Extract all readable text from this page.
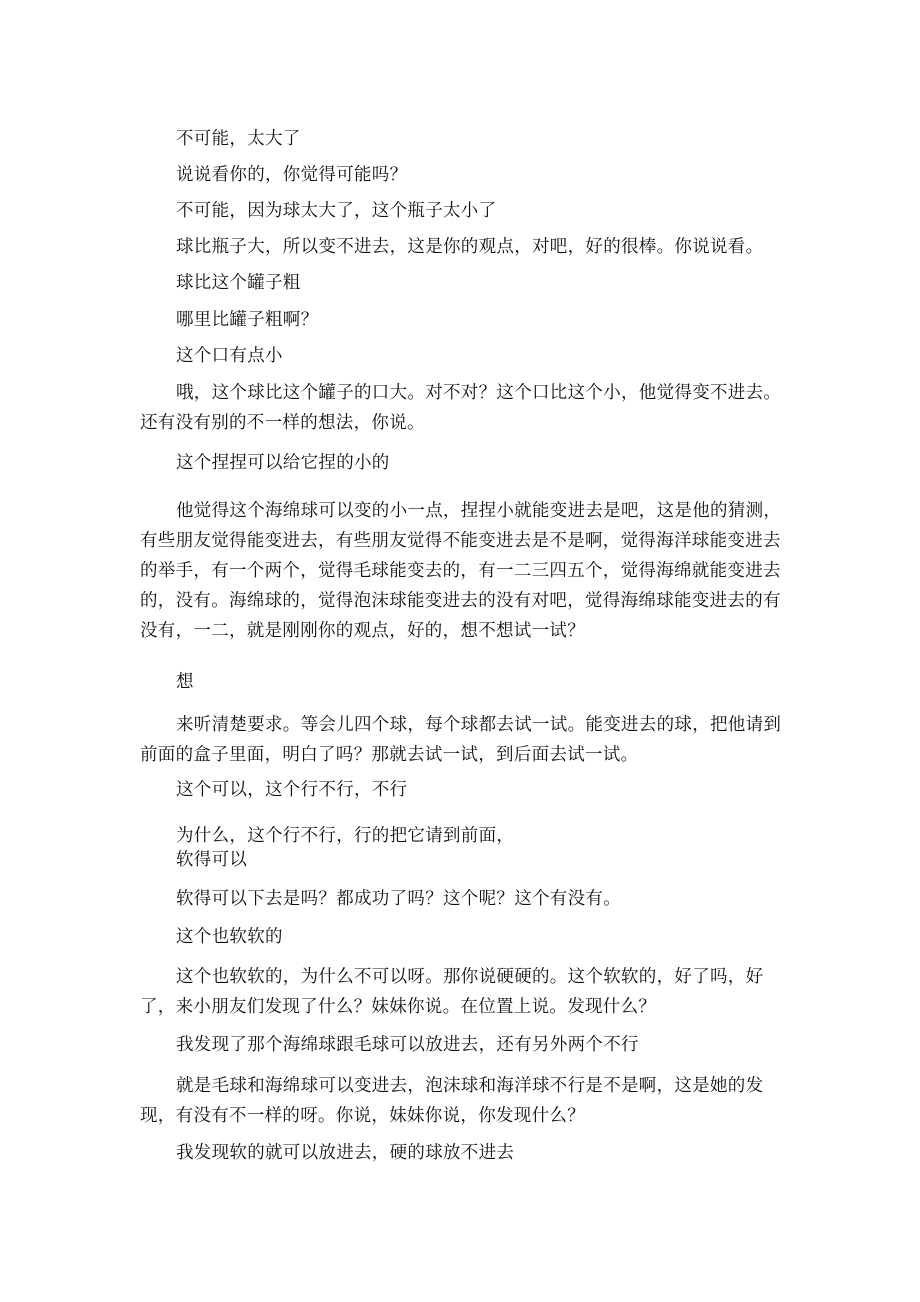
不可能，太大了

说说看你的，你觉得可能吗？

不可能，因为球太大了，这个瓶子太小了

球比瓶子大，所以变不进去，这是你的观点，对吧，好的很棒。你说说看。

球比这个罐子粗

哪里比罐子粗啊？

这个口有点小

哦，这个球比这个罐子的口大。对不对？这个口比这个小，他觉得变不进去。还有没有别的不一样的想法，你说。

这个捏捏可以给它捏的小的

他觉得这个海绵球可以变的小一点，捏捏小就能变进去是吧，这是他的猜测，有些朋友觉得能变进去，有些朋友觉得不能变进去是不是啊，觉得海洋球能变进去的举手，有一个两个，觉得毛球能变去的，有一二三四五个，觉得海绵就能变进去的，没有。海绵球的，觉得泡沫球能变进去的没有对吧，觉得海绵球能变进去的有没有，一二，就是刚刚你的观点，好的，想不想试一试？

想

来听清楚要求。等会儿四个球，每个球都去试一试。能变进去的球，把他请到前面的盒子里面，明白了吗？那就去试一试，到后面去试一试。

这个可以，这个行不行，不行

为什么，这个行不行，行的把它请到前面，

软得可以

软得可以下去是吗？都成功了吗？这个呢？这个有没有。

这个也软软的

这个也软软的，为什么不可以呀。那你说硬硬的。这个软软的，好了吗，好了，来小朋友们发现了什么？妹妹你说。在位置上说。发现什么？

我发现了那个海绵球跟毛球可以放进去，还有另外两个不行

就是毛球和海绵球可以变进去，泡沫球和海洋球不行是不是啊，这是她的发现，有没有不一样的呀。你说，妹妹你说，你发现什么？

我发现软的就可以放进去，硬的球放不进去
